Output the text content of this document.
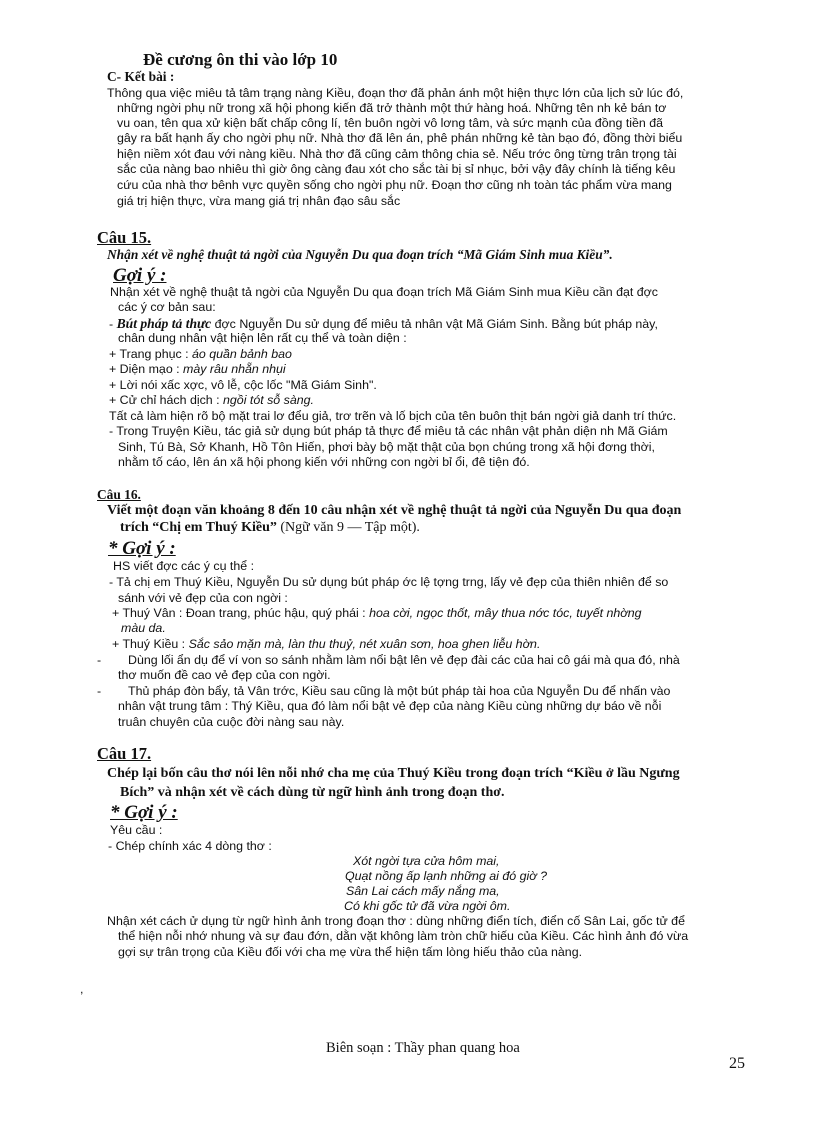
Đề cương ôn thi vào lớp 10
C- Kết bài :
Thông qua việc miêu tả tâm trạng nàng Kiều, đoạn thơ đã phản ánh một hiện thực lớn của lịch sử lúc đó,
những ngời phụ nữ trong xã hội phong kiến đã trở thành một thứ hàng hoá. Những tên nh kẻ bán tơ
vu oan, tên qua xử kiện bất chấp công lí, tên buôn ngời vô lơng tâm, và sức mạnh của đồng tiền đã
gây ra bất hạnh ấy cho ngời phụ nữ. Nhà thơ đã lên án, phê phán những kẻ tàn bạo đó, đồng thời biểu
hiện niềm xót đau với nàng kiều. Nhà thơ đã cũng cảm thông chia sẻ. Nếu trớc ông từng trân trọng tài
sắc của nàng bao nhiêu thì giờ ông càng đau xót cho sắc tài bị sỉ nhục, bởi vậy đây chính là tiếng kêu
cứu của nhà thơ bênh vực quyền sống cho ngời phụ nữ. Đoạn thơ cũng nh toàn tác phẩm vừa mang
giá trị hiện thực, vừa mang giá trị nhân đạo sâu sắc
Câu 15.
Nhận xét về nghệ thuật tả ngời của Nguyễn Du qua đoạn trích “Mã Giám Sinh mua Kiều”.
Gợi ý :
Nhận xét về nghệ thuật tả ngời của Nguyễn Du qua đoạn trích Mã Giám Sinh mua Kiều cần đạt đợc
các ý cơ bản sau:
- Bút pháp tả thực đợc Nguyễn Du sử dụng để miêu tả nhân vật Mã Giám Sinh. Bằng bút pháp này,
chân dung nhân vật hiện lên rất cụ thể và toàn diện :
+ Trang phục : áo quần bảnh bao
+ Diện mạo : mày râu nhẵn nhụi
+ Lời nói xấc xợc, vô lễ, cộc lốc "Mã Giám Sinh".
+ Cử chỉ hách dịch : ngồi tót sỗ sàng.
Tất cả làm hiện rõ bộ mặt trai lơ đểu giả, trơ trẽn và lố bịch của tên buôn thịt bán ngời giả danh trí thức.
- Trong Truyện Kiều, tác giả sử dụng bút pháp tả thực để miêu tả các nhân vật phản diện nh Mã Giám
Sinh, Tú Bà, Sở Khanh, Hồ Tôn Hiến, phơi bày bộ mặt thật của bọn chúng trong xã hội đơng thời,
nhằm tố cáo, lên án xã hội phong kiến với những con ngời bỉ ổi, đê tiện đó.
Câu 16.
Viết một đoạn văn khoảng 8 đến 10 câu nhận xét về nghệ thuật tả ngời của Nguyễn Du qua đoạn
trích “Chị em Thuý Kiều” (Ngữ văn 9 — Tập một).
* Gợi ý :
HS viết đợc các ý cụ thể :
- Tả chị em Thuý Kiều, Nguyễn Du sử dụng bút pháp ớc lệ tợng trng, lấy vẻ đẹp của thiên nhiên để so
sánh với vẻ đẹp của con ngời :
+ Thuý Vân : Đoan trang, phúc hậu, quý phái : hoa cời, ngọc thốt, mây thua nớc tóc, tuyết nhờng
màu da.
+ Thuý Kiều : Sắc sảo mặn mà, làn thu thuỷ, nét xuân sơn, hoa ghen liễu hờn.
- Dùng lối ẩn dụ để ví von so sánh nhằm làm nổi bật lên vẻ đẹp đài các của hai cô gái mà qua đó, nhà
thơ muốn đề cao vẻ đẹp của con ngời.
- Thủ pháp đòn bẩy, tả Vân trớc, Kiều sau cũng là một bút pháp tài hoa của Nguyễn Du để nhấn vào
nhân vật trung tâm : Thý Kiều, qua đó làm nổi bật vẻ đẹp của nàng Kiều cùng những dự báo về nỗi
truân chuyên của cuộc đời nàng sau này.
Câu 17.
Chép lại bốn câu thơ nói lên nỗi nhớ cha mẹ của Thuý Kiều trong đoạn trích “Kiều ở lầu Ngưng
Bích” và nhận xét về cách dùng từ ngữ hình ảnh trong đoạn thơ.
* Gợi ý :
Yêu cầu :
- Chép chính xác 4 dòng thơ :
Xót ngời tựa cửa hôm mai,
Quạt nồng ấp lạnh những ai đó giờ ?
Sân Lai cách mấy nắng ma,
Có khi gốc tử đã vừa ngời ôm.
Nhận xét cách ử dụng từ ngữ hình ảnh trong đoạn thơ : dùng những điển tích, điển cố Sân Lai, gốc tử để
thể hiện nỗi nhớ nhung và sự đau đớn, dằn vặt không làm tròn chữ hiếu của Kiều. Các hình ảnh đó vừa
gợi sự trân trọng của Kiều đối với cha mẹ vừa thể hiện tấm lòng hiếu thảo của nàng.
,
Biên soạn : Thầy phan quang hoa
25
